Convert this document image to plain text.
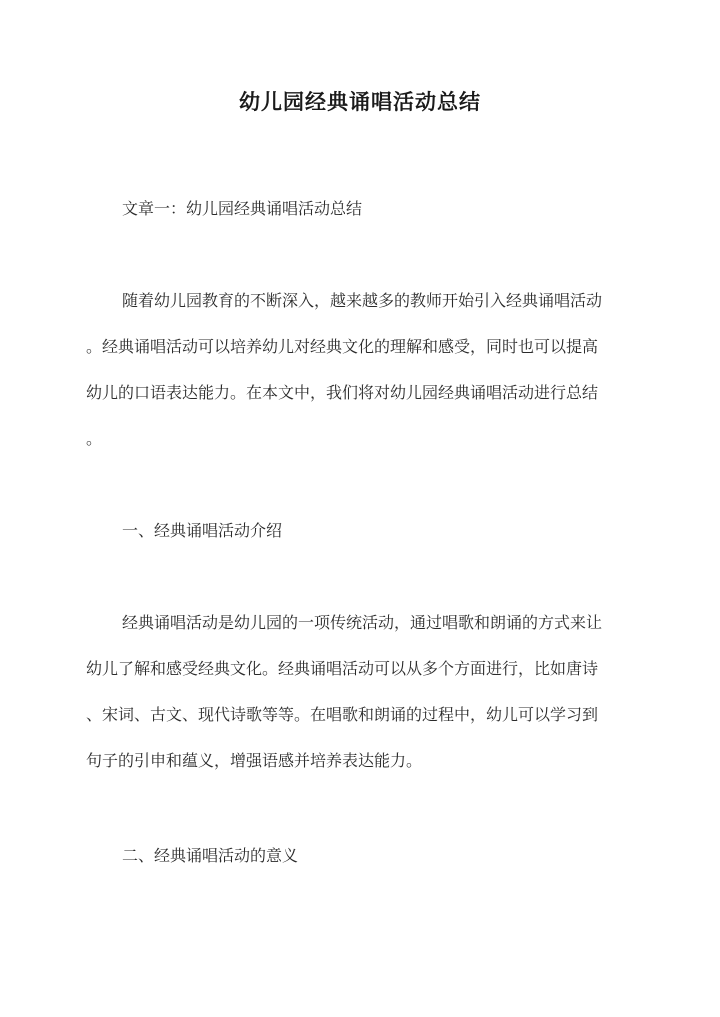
幼儿园经典诵唱活动总结
文章一：幼儿园经典诵唱活动总结
随着幼儿园教育的不断深入，越来越多的教师开始引入经典诵唱活动
。经典诵唱活动可以培养幼儿对经典文化的理解和感受，同时也可以提高
幼儿的口语表达能力。在本文中，我们将对幼儿园经典诵唱活动进行总结
。
一、经典诵唱活动介绍
经典诵唱活动是幼儿园的一项传统活动，通过唱歌和朗诵的方式来让
幼儿了解和感受经典文化。经典诵唱活动可以从多个方面进行，比如唐诗
、宋词、古文、现代诗歌等等。在唱歌和朗诵的过程中，幼儿可以学习到
句子的引申和蕴义，增强语感并培养表达能力。
二、经典诵唱活动的意义
